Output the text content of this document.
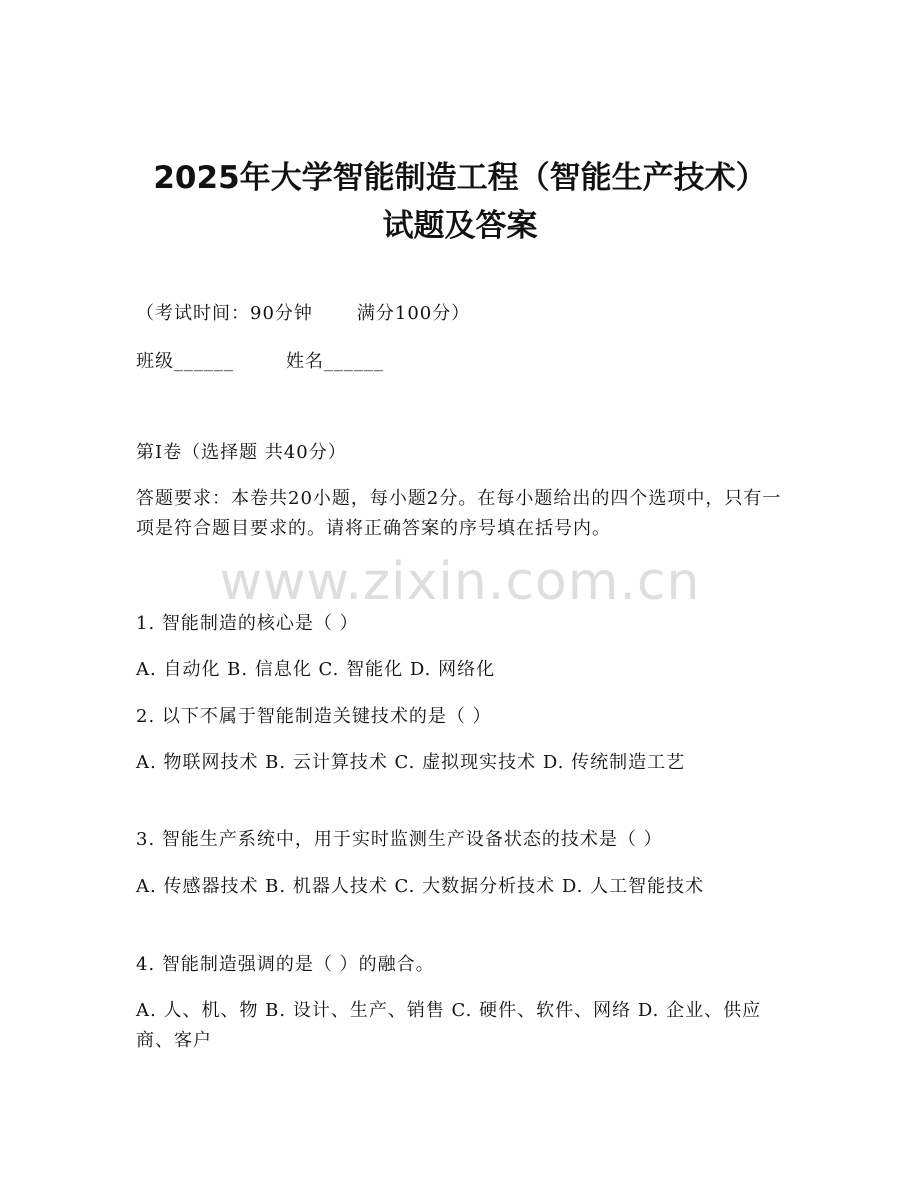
2025年大学智能制造工程（智能生产技术）
试题及答案
（考试时间：90分钟 满分100分）
班级______	姓名______
第I卷（选择题 共40分）
答题要求：本卷共20小题，每小题2分。在每小题给出的四个选项中，只有一项是符合题目要求的。请将正确答案的序号填在括号内。
www.zixin.com.cn
1. 智能制造的核心是（ ）
A. 自动化 B. 信息化 C. 智能化 D. 网络化
2. 以下不属于智能制造关键技术的是（ ）
A. 物联网技术 B. 云计算技术 C. 虚拟现实技术 D. 传统制造工艺
3. 智能生产系统中，用于实时监测生产设备状态的技术是（ ）
A. 传感器技术 B. 机器人技术 C. 大数据分析技术 D. 人工智能技术
4. 智能制造强调的是（ ）的融合。
A. 人、机、物 B. 设计、生产、销售 C. 硬件、软件、网络 D. 企业、供应商、客户
